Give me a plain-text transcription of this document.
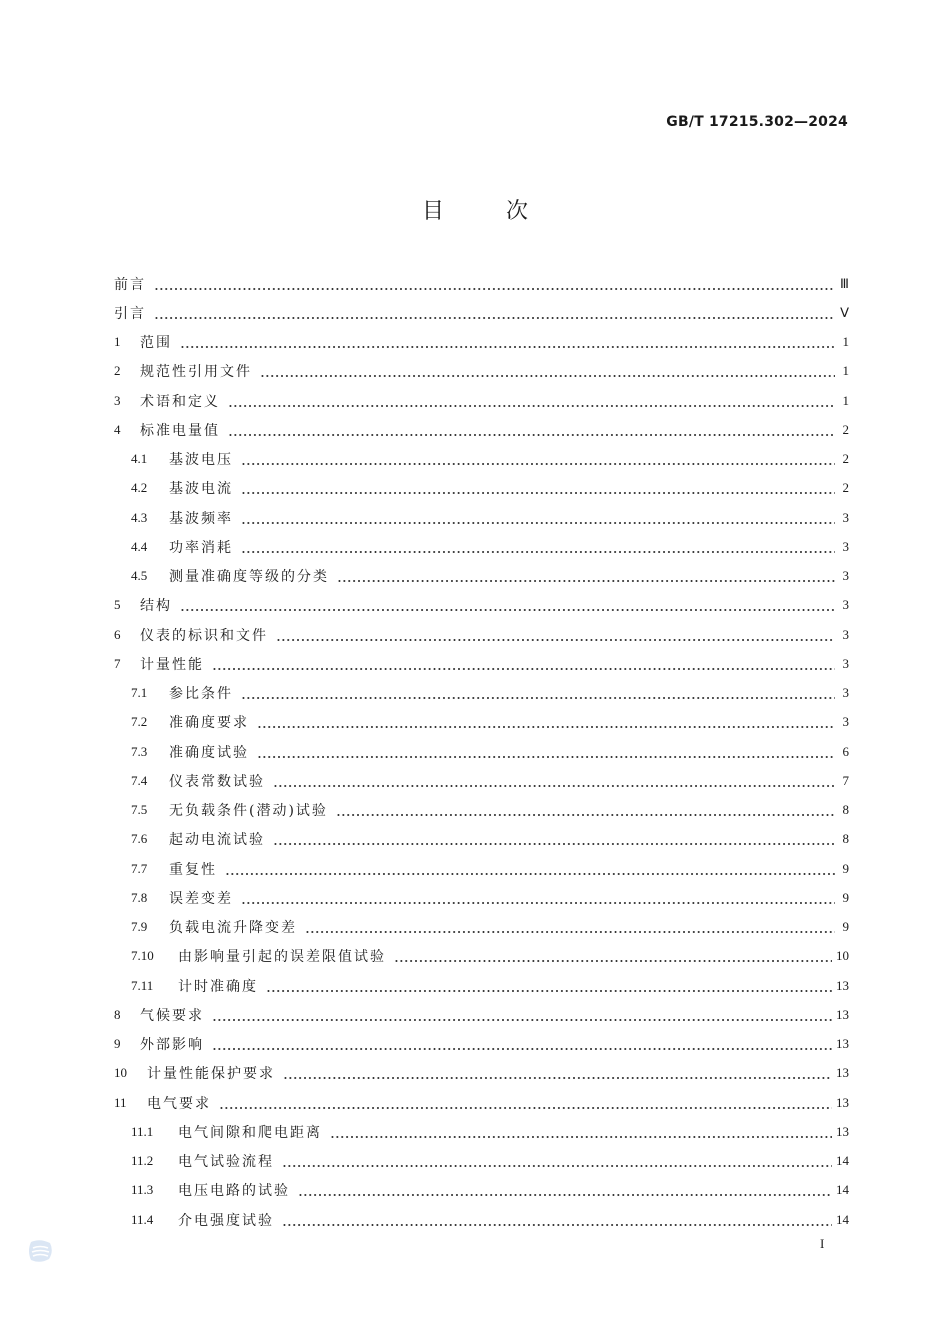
GB/T 17215.302—2024
目次
前言	Ⅲ
引言	Ⅴ
1	范围	1
2	规范性引用文件	1
3	术语和定义	1
4	标准电量值	2
4.1	基波电压	2
4.2	基波电流	2
4.3	基波频率	3
4.4	功率消耗	3
4.5	测量准确度等级的分类	3
5	结构	3
6	仪表的标识和文件	3
7	计量性能	3
7.1	参比条件	3
7.2	准确度要求	3
7.3	准确度试验	6
7.4	仪表常数试验	7
7.5	无负载条件(潜动)试验	8
7.6	起动电流试验	8
7.7	重复性	9
7.8	误差变差	9
7.9	负载电流升降变差	9
7.10	由影响量引起的误差限值试验	10
7.11	计时准确度	13
8	气候要求	13
9	外部影响	13
10	计量性能保护要求	13
11	电气要求	13
11.1	电气间隙和爬电距离	13
11.2	电气试验流程	14
11.3	电压电路的试验	14
11.4	介电强度试验	14
I
